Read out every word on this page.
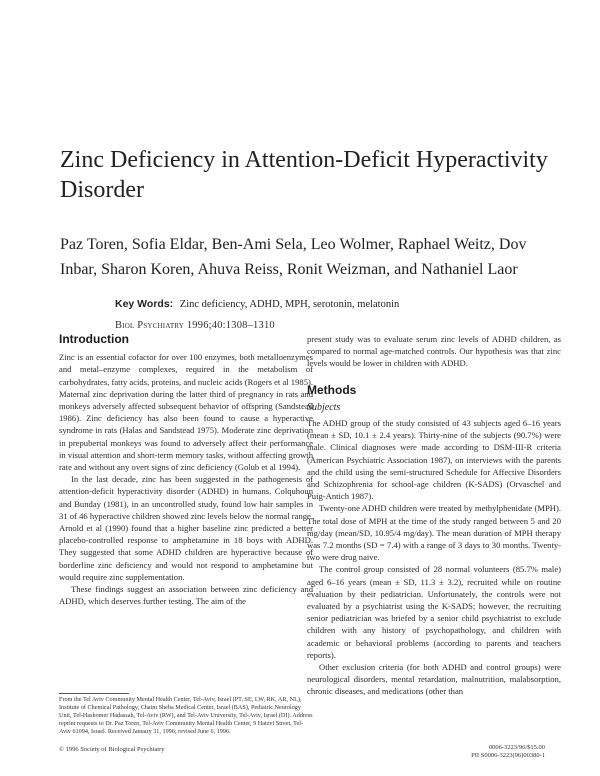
Zinc Deficiency in Attention-Deficit Hyperactivity Disorder
Paz Toren, Sofia Eldar, Ben-Ami Sela, Leo Wolmer, Raphael Weitz, Dov Inbar, Sharon Koren, Ahuva Reiss, Ronit Weizman, and Nathaniel Laor
Key Words: Zinc deficiency, ADHD, MPH, serotonin, melatonin
Biol Psychiatry 1996;40:1308–1310
Introduction

Zinc is an essential cofactor for over 100 enzymes, both metalloenzymes and metal–enzyme complexes, required in the metabolism of carbohydrates, fatty acids, proteins, and nucleic acids (Rogers et al 1985). Maternal zinc deprivation during the latter third of pregnancy in rats and monkeys adversely affected subsequent behavior of offspring (Sandstead 1986). Zinc deficiency has also been found to cause a hyperactive syndrome in rats (Halas and Sandstead 1975). Moderate zinc deprivation in prepubertal monkeys was found to adversely affect their performance in visual attention and short-term memory tasks, without affecting growth rate and without any overt signs of zinc deficiency (Golub et al 1994).

In the last decade, zinc has been suggested in the pathogenesis of attention-deficit hyperactivity disorder (ADHD) in humans. Colquhoun and Bunday (1981), in an uncontrolled study, found low hair samples in 31 of 46 hyperactive children showed zinc levels below the normal range. Arnold et al (1990) found that a higher baseline zinc predicted a better placebo-controlled response to amphetamine in 18 boys with ADHD. They suggested that some ADHD children are hyperactive because of borderline zinc deficiency and would not respond to amphetamine but would require zinc supplementation.

These findings suggest an association between zinc deficiency and ADHD, which deserves further testing. The aim of the

present study was to evaluate serum zinc levels of ADHD children, as compared to normal age-matched controls. Our hypothesis was that zinc levels would be lower in children with ADHD.

Methods
Subjects

The ADHD group of the study consisted of 43 subjects aged 6–16 years (mean ± SD, 10.1 ± 2.4 years). Thirty-nine of the subjects (90.7%) were male. Clinical diagnoses were made according to DSM-III-R criteria (American Psychiatric Association 1987), on interviews with the parents and the child using the semi-structured Schedule for Affective Disorders and Schizophrenia for school-age children (K-SADS) (Orvaschel and Puig-Antich 1987).

Twenty-one ADHD children were treated by methylphenidate (MPH). The total dose of MPH at the time of the study ranged between 5 and 20 mg/day (mean/SD, 10.95/4 mg/day). The mean duration of MPH therapy was 7.2 months (SD = 7.4) with a range of 3 days to 30 months. Twenty-two were drug naive.

The control group consisted of 28 normal volunteers (85.7% male) aged 6–16 years (mean ± SD, 11.3 ± 3.2), recruited while on routine evaluation by their pediatrician. Unfortunately, the controls were not evaluated by a psychiatrist using the K-SADS; however, the recruiting senior pediatrician was briefed by a senior child psychiatrist to exclude children with any history of psychopathology, and children with academic or behavioral problems (according to parents and teachers reports).

Other exclusion criteria (for both ADHD and control groups) were neurological disorders, mental retardation, malnutrition, malabsorption, chronic diseases, and medications (other than

From the Tel Aviv Community Mental Health Center, Tel-Aviv, Israel (PT, SE, LW, RK, AR, NL), Institute of Chemical Pathology, Chaim Sheba Medical Center, Israel (BAS), Pediatric Neurology Unit, Tel-Hashomer Hadassah, Tel-Aviv (RW), and Tel-Aviv University, Tel-Aviv, Israel (DI). Address reprint requests to Dr. Paz Toren, Tel-Aviv Community Mental Health Center, 9 Hatzvi Street, Tel-Aviv 61094, Israel. Received January 31, 1996; revised June 6, 1996.
© 1996 Society of Biological Psychiatry	0006-3223/96/$15.00
PII S0006-3223(96)00380-1
